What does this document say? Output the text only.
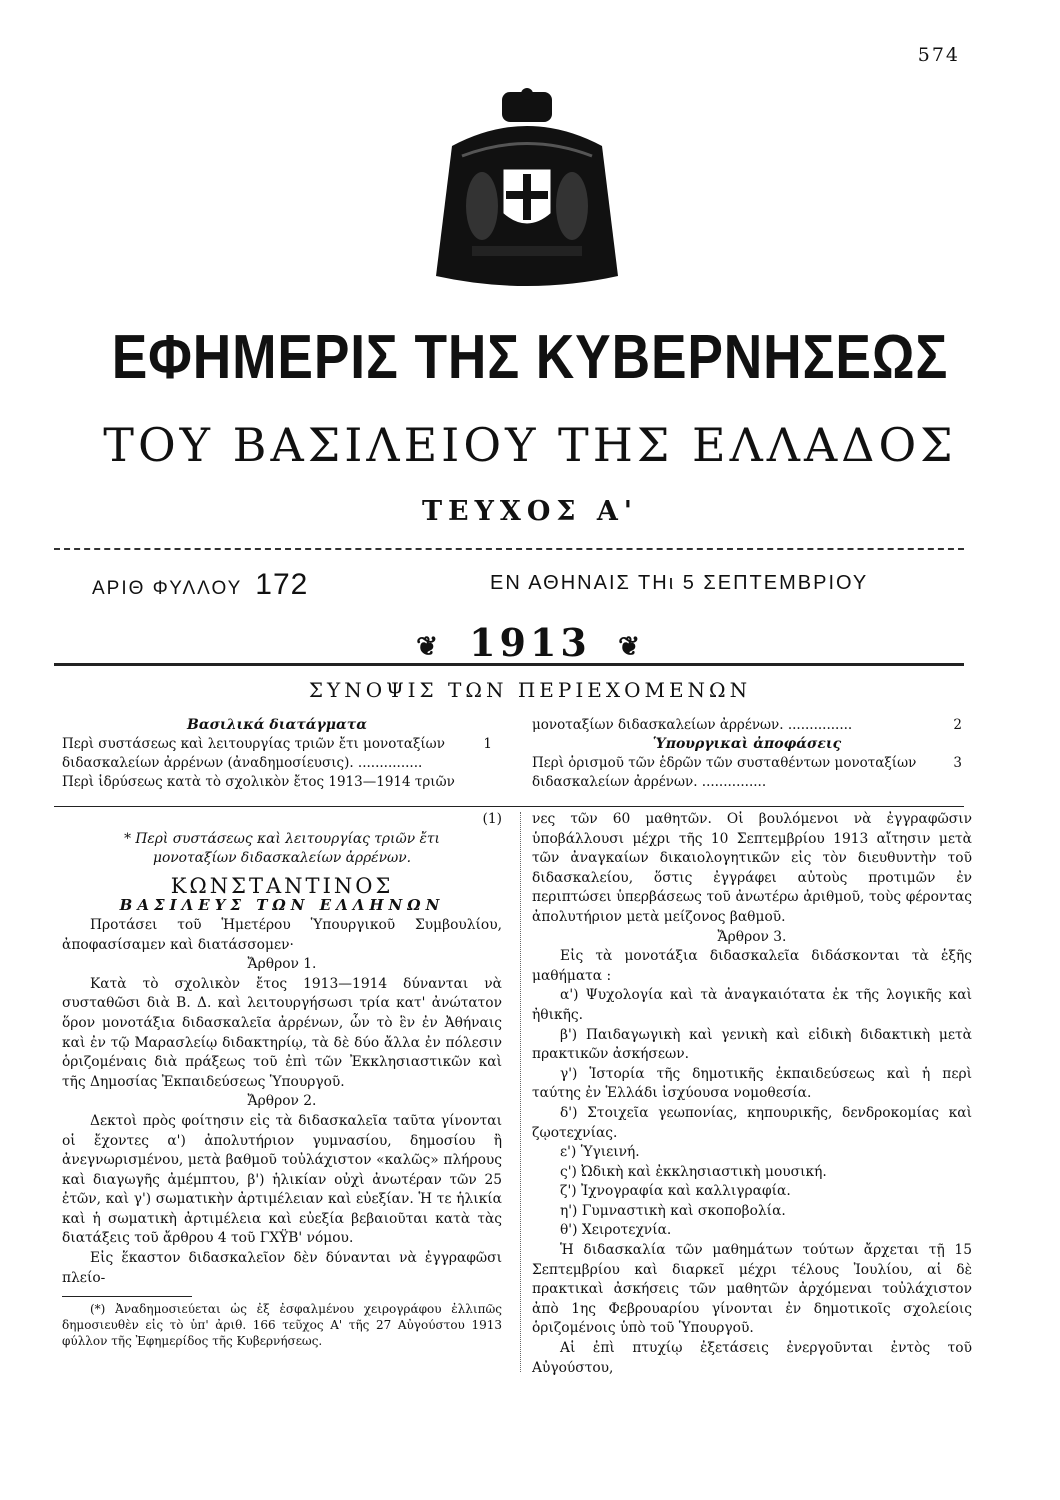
574
ΕΦΗΜΕΡΙΣ ΤΗΣ ΚΥΒΕΡΝΗΣΕΩΣ
ΤΟΥ ΒΑΣΙΛΕΙΟΥ ΤΗΣ ΕΛΛΑΔΟΣ
ΤΕΥΧΟΣ Α'
ΑΡΙΘ ΦΥΛΛΟΥ 172	ΕΝ ΑΘΗΝΑΙΣ ΤΗι 5 ΣΕΠΤΕΜΒΡΙΟΥ
❦ 1913 ❦
ΣΥΝΟΨΙΣ ΤΩΝ ΠΕΡΙΕΧΟΜΕΝΩΝ
Βασιλικά διατάγματα
Περὶ συστάσεως καὶ λειτουργίας τριῶν ἔτι μονοταξίων διδασκαλείων ἀρρένων (ἀναδημοσίευσις). ...............
1
Περὶ ἱδρύσεως κατὰ τὸ σχολικὸν ἔτος 1913—1914 τριῶν
μονοταξίων διδασκαλείων ἀρρένων. ...............	2
Ὑπουργικαὶ ἀποφάσεις
Περὶ ὁρισμοῦ τῶν ἑδρῶν τῶν συσταθέντων μονοταξίων διδασκαλείων ἀρρένων. ...............
3

(1)

* Περὶ συστάσεως καὶ λειτουργίας τριῶν ἔτι μονοταξίων διδασκαλείων ἀρρένων.

ΚΩΝΣΤΑΝΤΙΝΟΣ

ΒΑΣΙΛΕΥΣ ΤΩΝ ΕΛΛΗΝΩΝ

Προτάσει τοῦ Ἡμετέρου Ὑπουργικοῦ Συμβουλίου, ἀποφασίσαμεν καὶ διατάσσομεν·

Ἄρθρον 1.

Κατὰ τὸ σχολικὸν ἔτος 1913—1914 δύνανται νὰ συσταθῶσι διὰ Β. Δ. καὶ λειτουργήσωσι τρία κατ' ἀνώτατον ὅρον μονοτάξια διδασκαλεῖα ἀρρένων, ὧν τὸ ἓν ἐν Ἀθήναις καὶ ἐν τῷ Μαρασλείῳ διδακτηρίῳ, τὰ δὲ δύο ἄλλα ἐν πόλεσιν ὁριζομέναις διὰ πράξεως τοῦ ἐπὶ τῶν Ἐκκλησιαστικῶν καὶ τῆς Δημοσίας Ἐκπαιδεύσεως Ὑπουργοῦ.

Ἄρθρον 2.

Δεκτοὶ πρὸς φοίτησιν εἰς τὰ διδασκαλεῖα ταῦτα γίνονται οἱ ἔχοντες α') ἀπολυτήριον γυμνασίου, δημοσίου ἢ ἀνεγνωρισμένου, μετὰ βαθμοῦ τοὐλάχιστον «καλῶς» πλήρους καὶ διαγωγῆς ἀμέμπτου, β') ἡλικίαν οὐχὶ ἀνωτέραν τῶν 25 ἐτῶν, καὶ γ') σωματικὴν ἀρτιμέλειαν καὶ εὐεξίαν. Ἡ τε ἡλικία καὶ ἡ σωματικὴ ἀρτιμέλεια καὶ εὐεξία βεβαιοῦται κατὰ τὰς διατάξεις τοῦ ἄρθρου 4 τοῦ ΓΧΫΒ' νόμου.

Εἰς ἕκαστον διδασκαλεῖον δὲν δύνανται νὰ ἐγγραφῶσι πλείο-

(*) Ἀναδημοσιεύεται ὡς ἐξ ἐσφαλμένου χειρογράφου ἐλλιπῶς δημοσιευθὲν εἰς τὸ ὑπ' ἀριθ. 166 τεῦχος Α' τῆς 27 Αὐγούστου 1913 φύλλον τῆς Ἐφημερίδος τῆς Κυβερνήσεως.

νες τῶν 60 μαθητῶν. Οἱ βουλόμενοι νὰ ἐγγραφῶσιν ὑποβάλλουσι μέχρι τῆς 10 Σεπτεμβρίου 1913 αἴτησιν μετὰ τῶν ἀναγκαίων δικαιολογητικῶν εἰς τὸν διευθυντὴν τοῦ διδασκαλείου, ὅστις ἐγγράφει αὐτοὺς προτιμῶν ἐν περιπτώσει ὑπερβάσεως τοῦ ἀνωτέρω ἀριθμοῦ, τοὺς φέροντας ἀπολυτήριον μετὰ μείζονος βαθμοῦ.

Ἄρθρον 3.

Εἰς τὰ μονοτάξια διδασκαλεῖα διδάσκονται τὰ ἑξῆς μαθήματα :

α') Ψυχολογία καὶ τὰ ἀναγκαιότατα ἐκ τῆς λογικῆς καὶ ἠθικῆς.

β') Παιδαγωγικὴ καὶ γενικὴ καὶ εἰδικὴ διδακτικὴ μετὰ πρακτικῶν ἀσκήσεων.

γ') Ἱστορία τῆς δημοτικῆς ἐκπαιδεύσεως καὶ ἡ περὶ ταύτης ἐν Ἑλλάδι ἰσχύουσα νομοθεσία.

δ') Στοιχεῖα γεωπονίας, κηπουρικῆς, δενδροκομίας καὶ ζῳοτεχνίας.

ε') Ὑγιεινή.

ς') Ὠδικὴ καὶ ἐκκλησιαστικὴ μουσική.

ζ') Ἰχνογραφία καὶ καλλιγραφία.

η') Γυμναστικὴ καὶ σκοποβολία.

θ') Χειροτεχνία.

Ἡ διδασκαλία τῶν μαθημάτων τούτων ἄρχεται τῇ 15 Σεπτεμβρίου καὶ διαρκεῖ μέχρι τέλους Ἰουλίου, αἱ δὲ πρακτικαὶ ἀσκήσεις τῶν μαθητῶν ἀρχόμεναι τοὐλάχιστον ἀπὸ 1ης Φεβρουαρίου γίνονται ἐν δημοτικοῖς σχολείοις ὁριζομένοις ὑπὸ τοῦ Ὑπουργοῦ.

Αἱ ἐπὶ πτυχίῳ ἐξετάσεις ἐνεργοῦνται ἐντὸς τοῦ Αὐγούστου,
